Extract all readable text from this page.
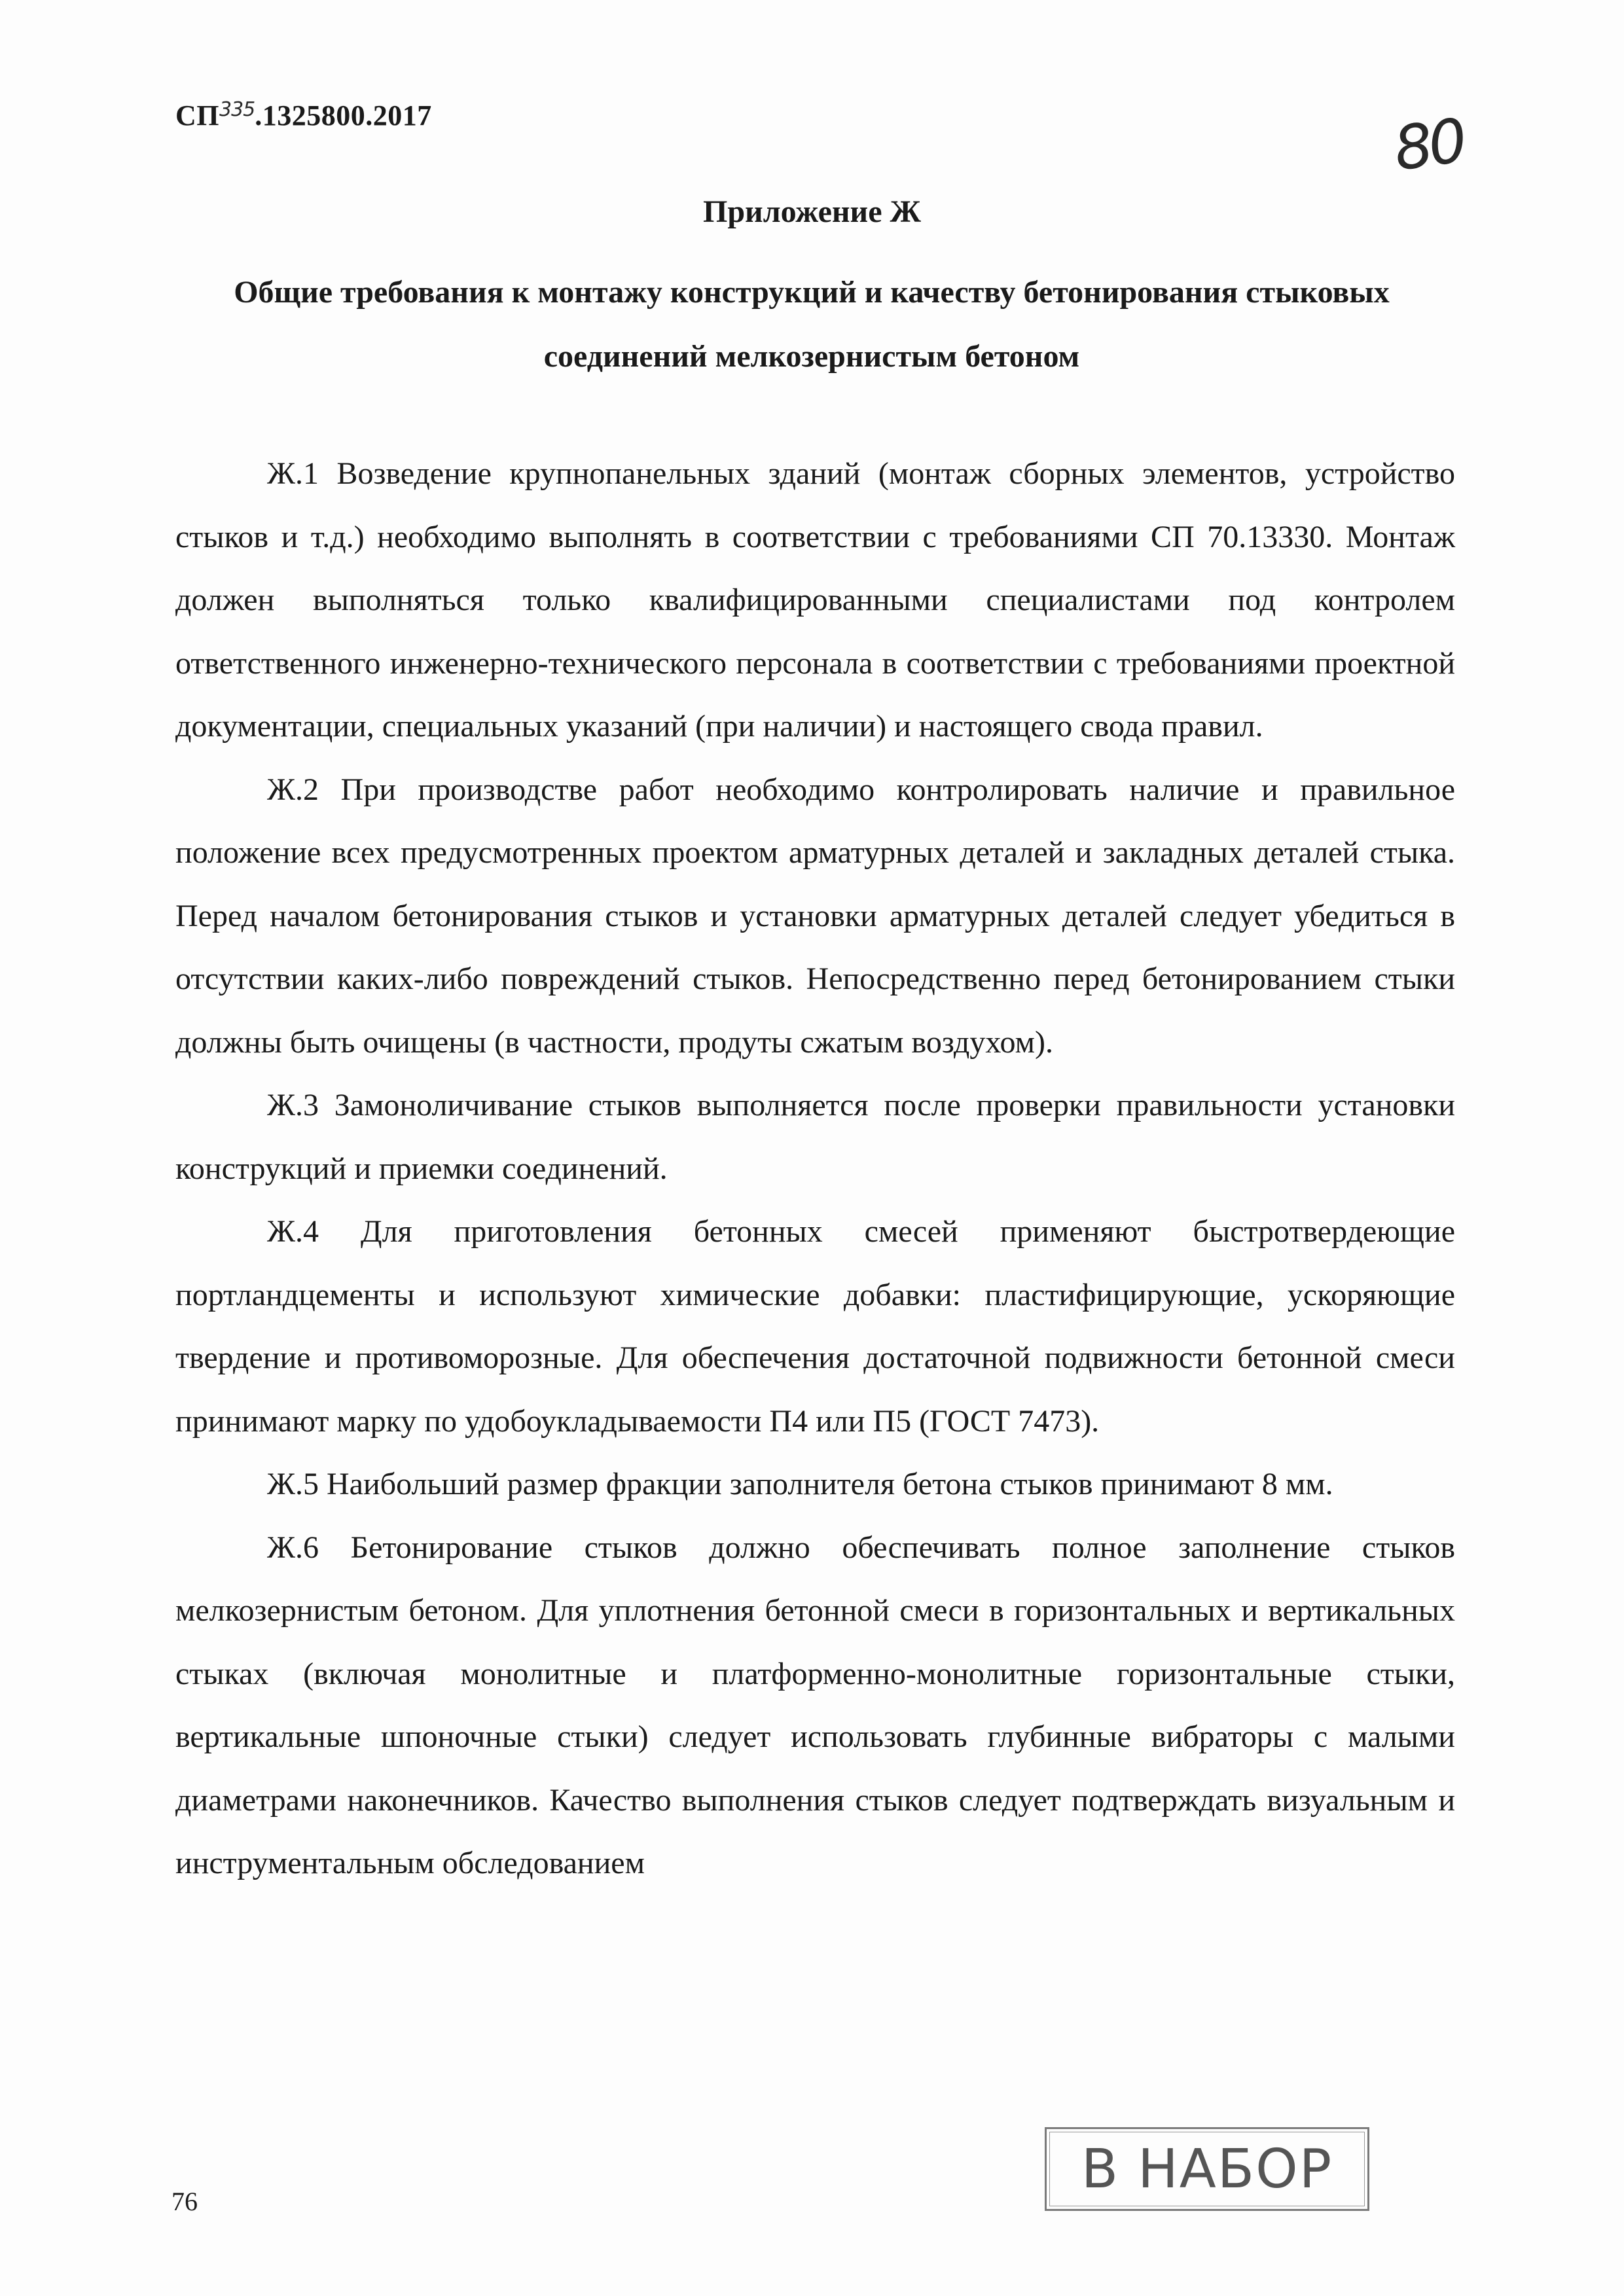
СП$^{335}$.1325800.2017	80
Приложение Ж
Общие требования к монтажу конструкций и качеству бетонирования стыковых соединений мелкозернистым бетоном

Ж.1 Возведение крупнопанельных зданий (монтаж сборных элементов, устройство стыков и т.д.) необходимо выполнять в соответствии с требованиями СП 70.13330. Монтаж должен выполняться только квалифицированными специалистами под контролем ответственного инженерно-технического персонала в соответствии с требованиями проектной документации, специальных указаний (при наличии) и настоящего свода правил.

Ж.2 При производстве работ необходимо контролировать наличие и правильное положение всех предусмотренных проектом арматурных деталей и закладных деталей стыка. Перед началом бетонирования стыков и установки арматурных деталей следует убедиться в отсутствии каких-либо повреждений стыков. Непосредственно перед бетонированием стыки должны быть очищены (в частности, продуты сжатым воздухом).

Ж.3 Замоноличивание стыков выполняется после проверки правильности установки конструкций и приемки соединений.

Ж.4 Для приготовления бетонных смесей применяют быстротвердеющие портландцементы и используют химические добавки: пластифицирующие, ускоряющие твердение и противоморозные. Для обеспечения достаточной подвижности бетонной смеси принимают марку по удобоукладываемости П4 или П5 (ГОСТ 7473).

Ж.5 Наибольший размер фракции заполнителя бетона стыков принимают 8 мм.

Ж.6 Бетонирование стыков должно обеспечивать полное заполнение стыков мелкозернистым бетоном. Для уплотнения бетонной смеси в горизонтальных и вертикальных стыках (включая монолитные и платформенно-монолитные горизонтальные стыки, вертикальные шпоночные стыки) следует использовать глубинные вибраторы с малыми диаметрами наконечников. Качество выполнения стыков следует подтверждать визуальным и инструментальным обследованием

76
В НАБОР
